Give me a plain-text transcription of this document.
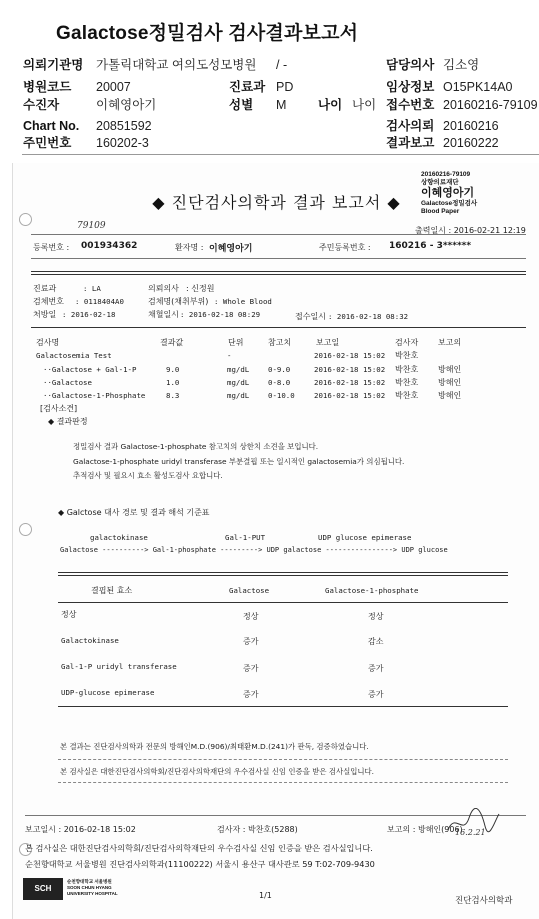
Galactose정밀검사 검사결과보고서
의뢰기관명 가톨릭대학교 여의도성모병원 / -	담당의사 김소영
병원코드 20007	진료과 PD	임상정보 O15PK14A0
수진자	이혜영아기	성별 M	나이 나이 접수번호 20160216-79109
Chart No. 20851592	검사의뢰 20160216
주민번호 160202-3	결과보고 20160222
20160216-79109
상향의료재단
이혜영아기
Galactose정밀검사
Blood Paper
◆ 진단검사의학과 결과 보고서 ◆
출력일시 : 2016-02-21 12:19
79109
등록번호 : 001934362	환자명 : 이혜영아기	주민등록번호 : 160216 - 3******
진료과	: LA	의뢰의사 : 신정원
검체번호 : 0118404A0	검체명(채취부위) : Whole Blood
처방일 : 2016-02-18	채혈일시 : 2016-02-18 08:29	접수일시 : 2016-02-18 08:32
검사명	결과값	단위	참고치	보고일	검사자 보고의
Galactosemia Test	-	2016-02-18 15:02 박찬호
··Galactose + Gal-1-P	9.0	mg/dL	0-9.0	2016-02-18 15:02 박찬호 방해인
··Galactose	1.0	mg/dL	0-8.0	2016-02-18 15:02 박찬호 방해인
··Galactose-1-Phosphate	8.3	mg/dL	0-10.0	2016-02-18 15:02 박찬호 방해인
[검사소견]
◆ 결과판정
정밀검사 결과 Galactose-1-phosphate 참고치의 상한치 소견을 보입니다.
Galactose-1-phosphate uridyl transferase 부분결핍 또는 일시적인 galactosemia가 의심됩니다.
추적검사 및 필요시 효소 활성도검사 요합니다.
◆ Galctose 대사 경로 및 결과 해석 기준표
galactokinase	Gal-1-PUT	UDP glucose epimerase
Galactose ----------> Gal-1-phosphate ---------> UDP galactose ----------------> UDP glucose
결핍된 효소	Galactose	Galactose-1-phosphate
정상	정상	정상
Galactokinase	증가	감소
Gal-1-P uridyl transferase	증가	증가
UDP-glucose epimerase	증가	증가
본 결과는 진단검사의학과 전문의 방해인M.D.(906)/최태환M.D.(241)가 판독, 검증하였습니다.
본 검사실은 대한진단검사의학회/진단검사의학재단의 우수검사실 신임 인증을 받은 검사실입니다.
보고일시 : 2016-02-18 15:02	검사자 : 박찬호(5288)	보고의 : 방해인(906)
16.2.21
본 검사실은 대한진단검사의학회/진단검사의학재단의 우수검사실 신임 인증을 받은 검사실입니다.
순천향대학교 서울병원 진단검사의학과(11100222) 서울시 용산구 대사관로 59 T:02-709-9430
SCH
순천향대학교 서울병원
SOON CHUN HYANG
UNIVERSITY HOSPITAL	1/1
진단검사의학과
